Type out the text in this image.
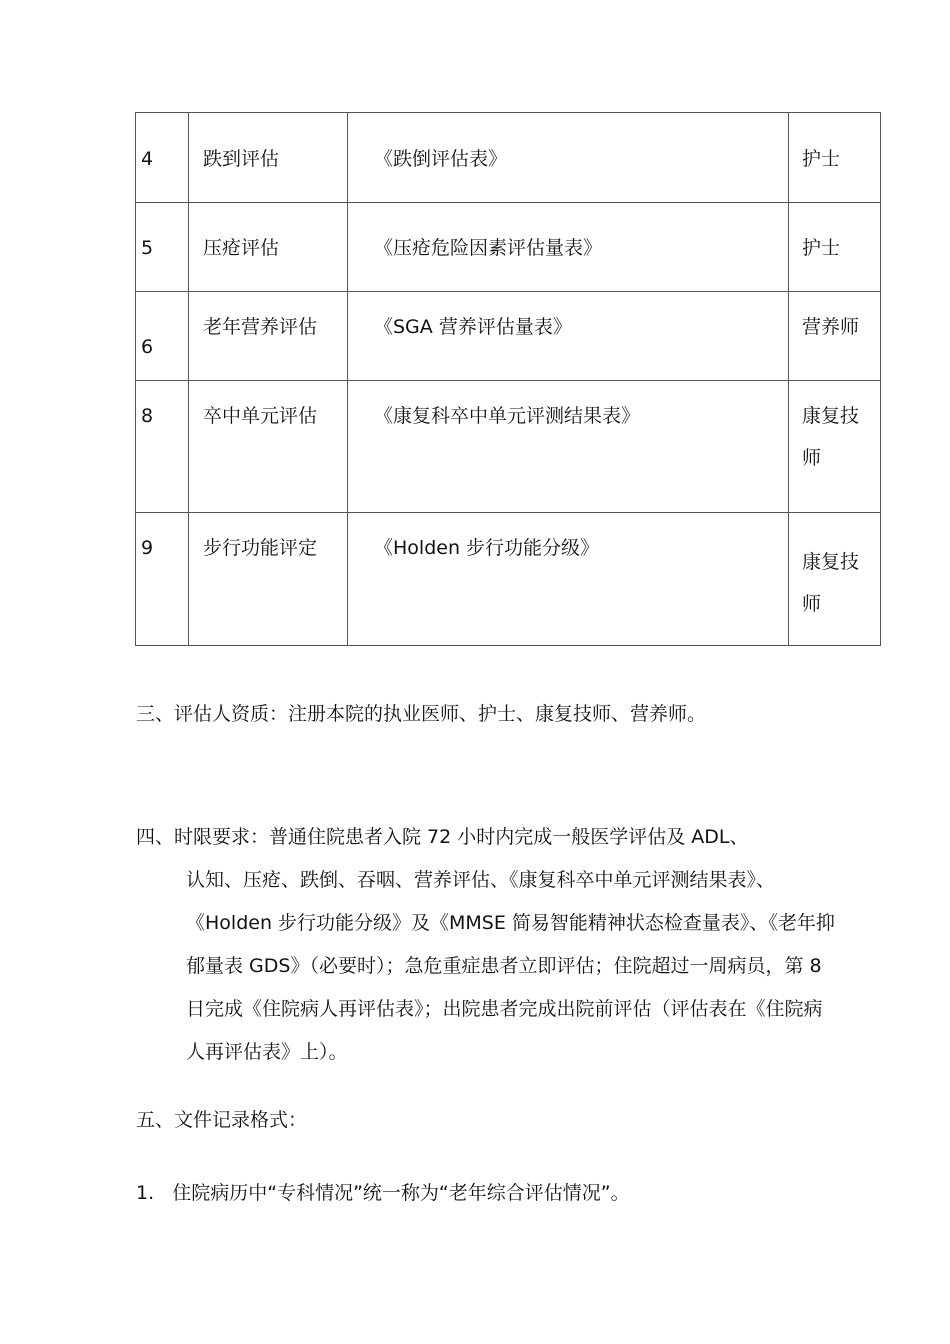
4	跌到评估	《跌倒评估表》	护士
5	压疮评估	《压疮危险因素评估量表》	护士
6	老年营养评估	《SGA 营养评估量表》	营养师
8	卒中单元评估	《康复科卒中单元评测结果表》	康复技
师

9	步行功能评定	《Holden 步行功能分级》	康复技
师

三、评估人资质：注册本院的执业医师、护士、康复技师、营养师。

四、时限要求：普通住院患者入院 72 小时内完成一般医学评估及 ADL、
认知、压疮、跌倒、吞咽、营养评估、《康复科卒中单元评测结果表》、
《Holden 步行功能分级》及《MMSE 简易智能精神状态检查量表》、《老年抑
郁量表 GDS》（必要时）；急危重症患者立即评估；住院超过一周病员，第 8
日完成《住院病人再评估表》；出院患者完成出院前评估（评估表在《住院病
人再评估表》上）。

五、文件记录格式：

1.   住院病历中“专科情况”统一称为“老年综合评估情况”。
